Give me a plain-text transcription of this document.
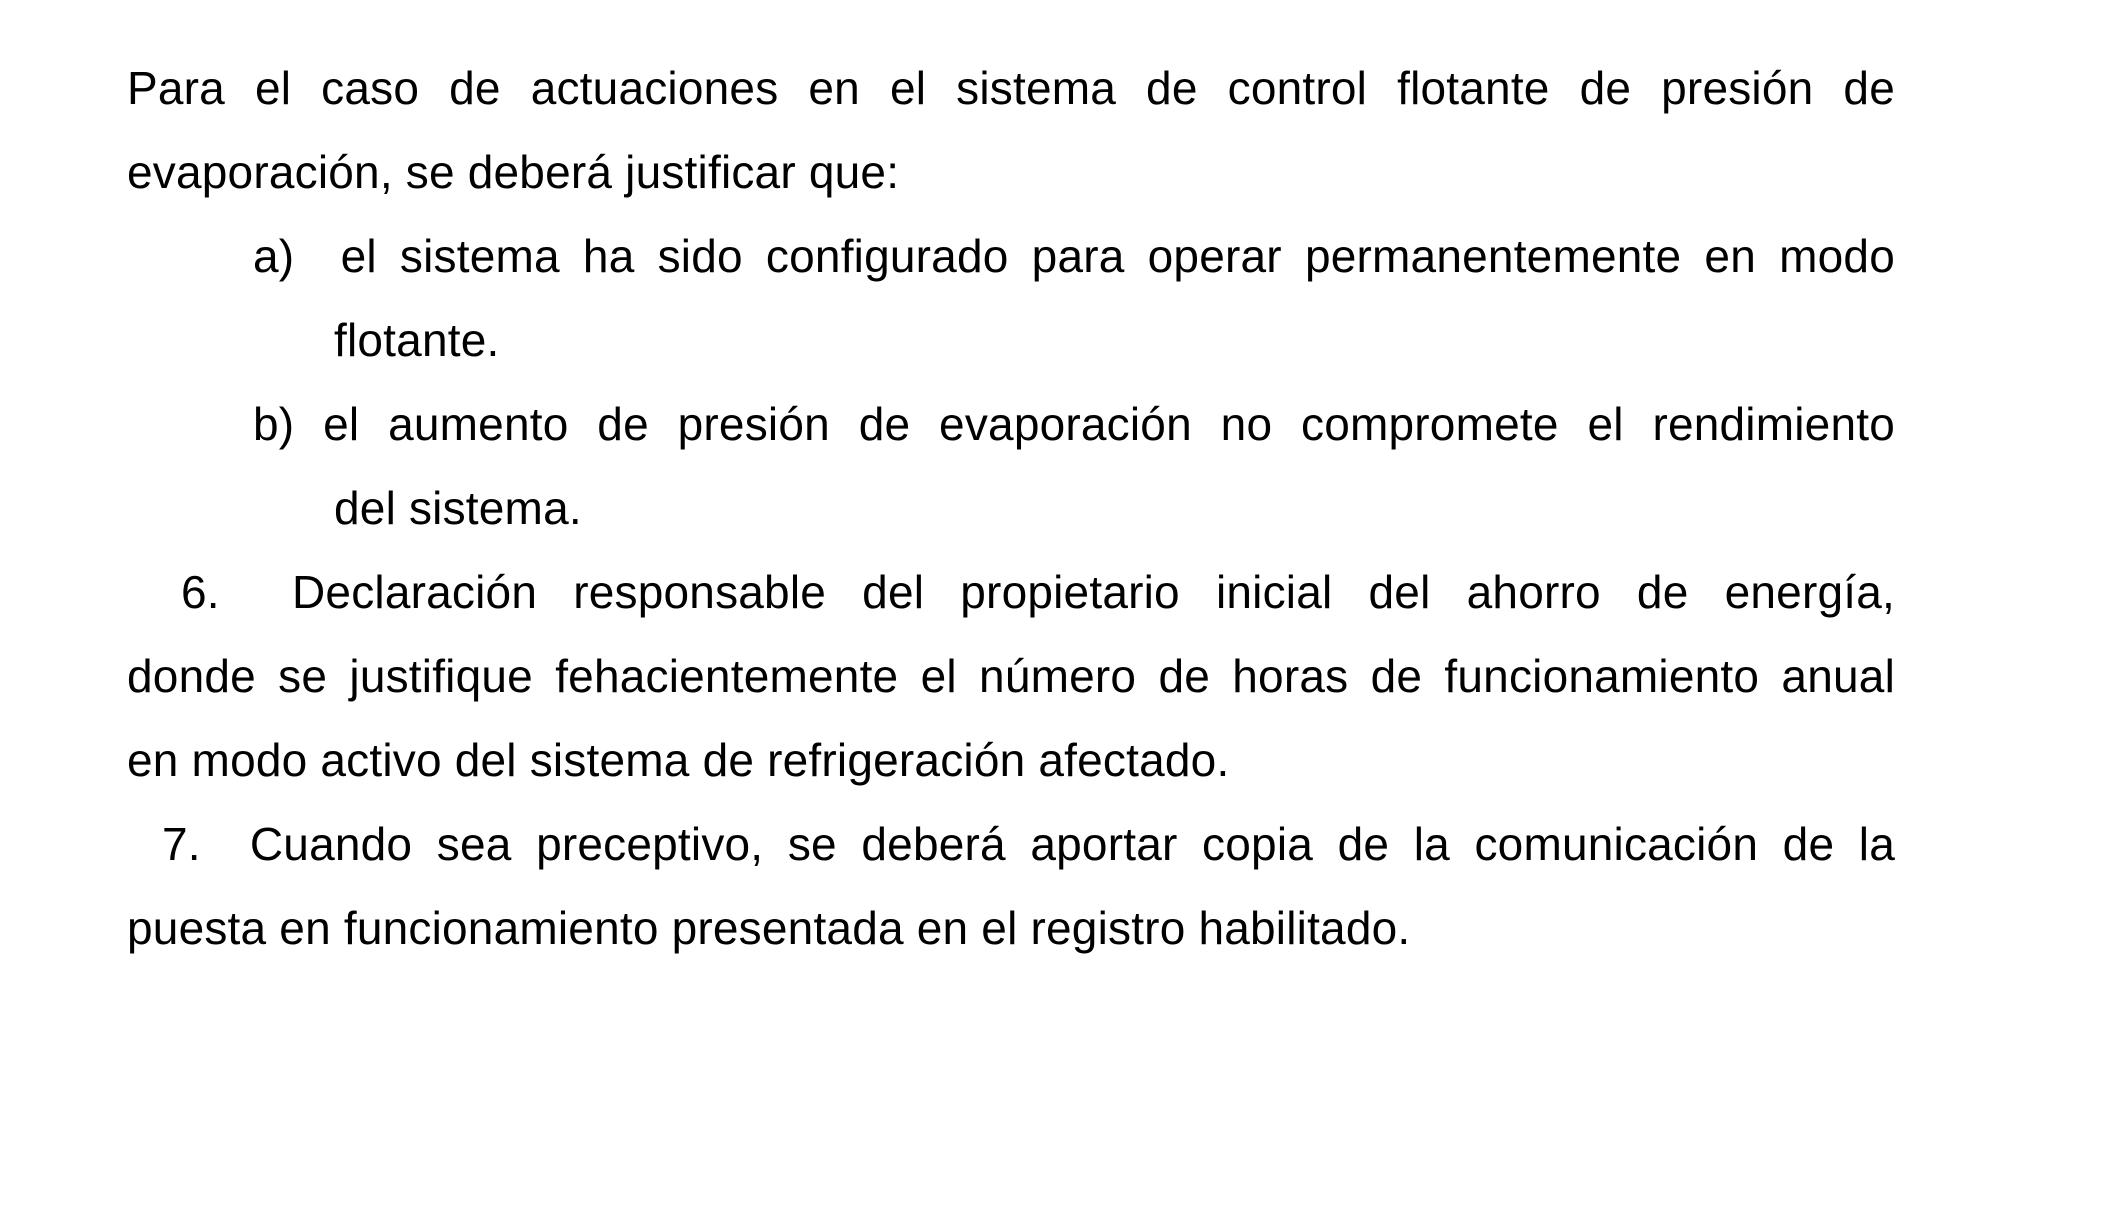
Para el caso de actuaciones en el sistema de control flotante de presión de
evaporación, se deberá justificar que:
a)  el sistema ha sido configurado para operar permanentemente en modo
flotante.
b) el aumento de presión de evaporación no compromete el rendimiento
del sistema.
6.  Declaración responsable del propietario inicial del ahorro de energía,
donde se justifique fehacientemente el número de horas de funcionamiento anual
en modo activo del sistema de refrigeración afectado.
7.  Cuando sea preceptivo, se deberá aportar copia de la comunicación de la
puesta en funcionamiento presentada en el registro habilitado.
